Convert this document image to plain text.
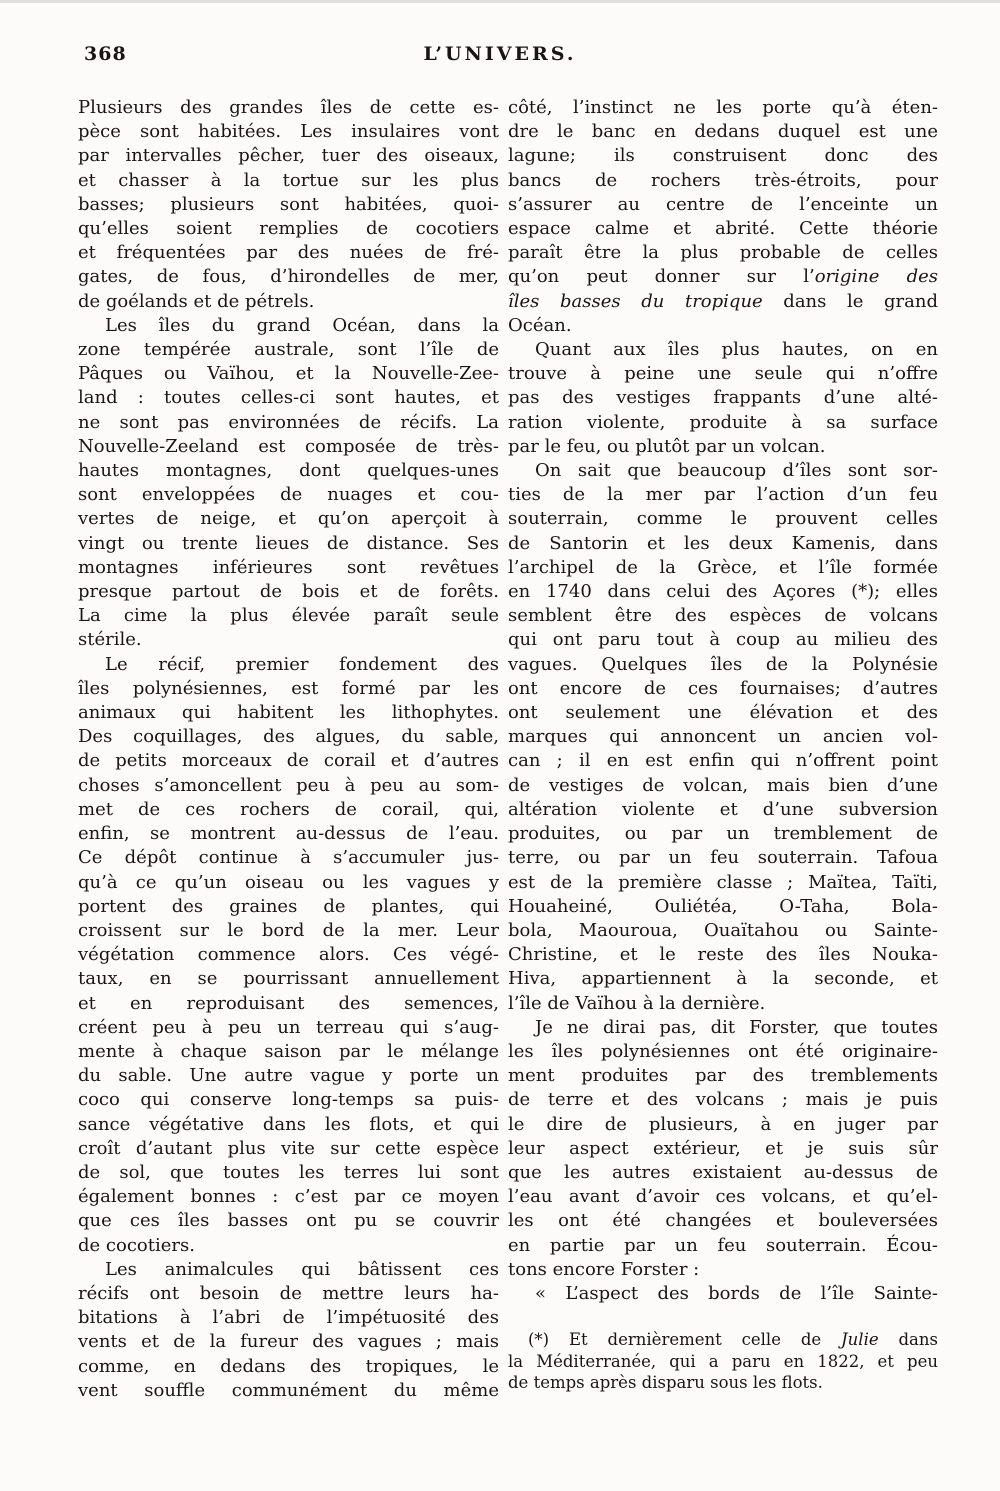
368	L’UNIVERS.
Plusieurs des grandes îles de cette es-
pèce sont habitées. Les insulaires vont
par intervalles pêcher, tuer des oiseaux,
et chasser à la tortue sur les plus
basses; plusieurs sont habitées, quoi-
qu’elles soient remplies de cocotiers
et fréquentées par des nuées de fré-
gates, de fous, d’hirondelles de mer,
de goélands et de pétrels.
Les îles du grand Océan, dans la
zone tempérée australe, sont l’île de
Pâques ou Vaïhou, et la Nouvelle-Zee-
land : toutes celles-ci sont hautes, et
ne sont pas environnées de récifs. La
Nouvelle-Zeeland est composée de très-
hautes montagnes, dont quelques-unes
sont enveloppées de nuages et cou-
vertes de neige, et qu’on aperçoit à
vingt ou trente lieues de distance. Ses
montagnes inférieures sont revêtues
presque partout de bois et de forêts.
La cime la plus élevée paraît seule
stérile.
Le récif, premier fondement des
îles polynésiennes, est formé par les
animaux qui habitent les lithophytes.
Des coquillages, des algues, du sable,
de petits morceaux de corail et d’autres
choses s’amoncellent peu à peu au som-
met de ces rochers de corail, qui,
enfin, se montrent au-dessus de l’eau.
Ce dépôt continue à s’accumuler jus-
qu’à ce qu’un oiseau ou les vagues y
portent des graines de plantes, qui
croissent sur le bord de la mer. Leur
végétation commence alors. Ces végé-
taux, en se pourrissant annuellement
et en reproduisant des semences,
créent peu à peu un terreau qui s’aug-
mente à chaque saison par le mélange
du sable. Une autre vague y porte un
coco qui conserve long-temps sa puis-
sance végétative dans les flots, et qui
croît d’autant plus vite sur cette espèce
de sol, que toutes les terres lui sont
également bonnes : c’est par ce moyen
que ces îles basses ont pu se couvrir
de cocotiers.
Les animalcules qui bâtissent ces
récifs ont besoin de mettre leurs ha-
bitations à l’abri de l’impétuosité des
vents et de la fureur des vagues ; mais
comme, en dedans des tropiques, le
vent souffle communément du même
côté, l’instinct ne les porte qu’à éten-
dre le banc en dedans duquel est une
lagune; ils construisent donc des
bancs de rochers très-étroits, pour
s’assurer au centre de l’enceinte un
espace calme et abrité. Cette théorie
paraît être la plus probable de celles
qu’on peut donner sur l’origine des
îles basses du tropique dans le grand
Océan.
Quant aux îles plus hautes, on en
trouve à peine une seule qui n’offre
pas des vestiges frappants d’une alté-
ration violente, produite à sa surface
par le feu, ou plutôt par un volcan.
On sait que beaucoup d’îles sont sor-
ties de la mer par l’action d’un feu
souterrain, comme le prouvent celles
de Santorin et les deux Kamenis, dans
l’archipel de la Grèce, et l’île formée
en 1740 dans celui des Açores (*); elles
semblent être des espèces de volcans
qui ont paru tout à coup au milieu des
vagues. Quelques îles de la Polynésie
ont encore de ces fournaises; d’autres
ont seulement une élévation et des
marques qui annoncent un ancien vol-
can ; il en est enfin qui n’offrent point
de vestiges de volcan, mais bien d’une
altération violente et d’une subversion
produites, ou par un tremblement de
terre, ou par un feu souterrain. Tafoua
est de la première classe ; Maïtea, Taïti,
Houaheiné, Ouliétéa, O-Taha, Bola-
bola, Maouroua, Ouaïtahou ou Sainte-
Christine, et le reste des îles Nouka-
Hiva, appartiennent à la seconde, et
l’île de Vaïhou à la dernière.
Je ne dirai pas, dit Forster, que toutes
les îles polynésiennes ont été originaire-
ment produites par des tremblements
de terre et des volcans ; mais je puis
le dire de plusieurs, à en juger par
leur aspect extérieur, et je suis sûr
que les autres existaient au-dessus de
l’eau avant d’avoir ces volcans, et qu’el-
les ont été changées et bouleversées
en partie par un feu souterrain. Écou-
tons encore Forster :
« L’aspect des bords de l’île Sainte-
(*) Et dernièrement celle de Julie dans
la Méditerranée, qui a paru en 1822, et peu
de temps après disparu sous les flots.
